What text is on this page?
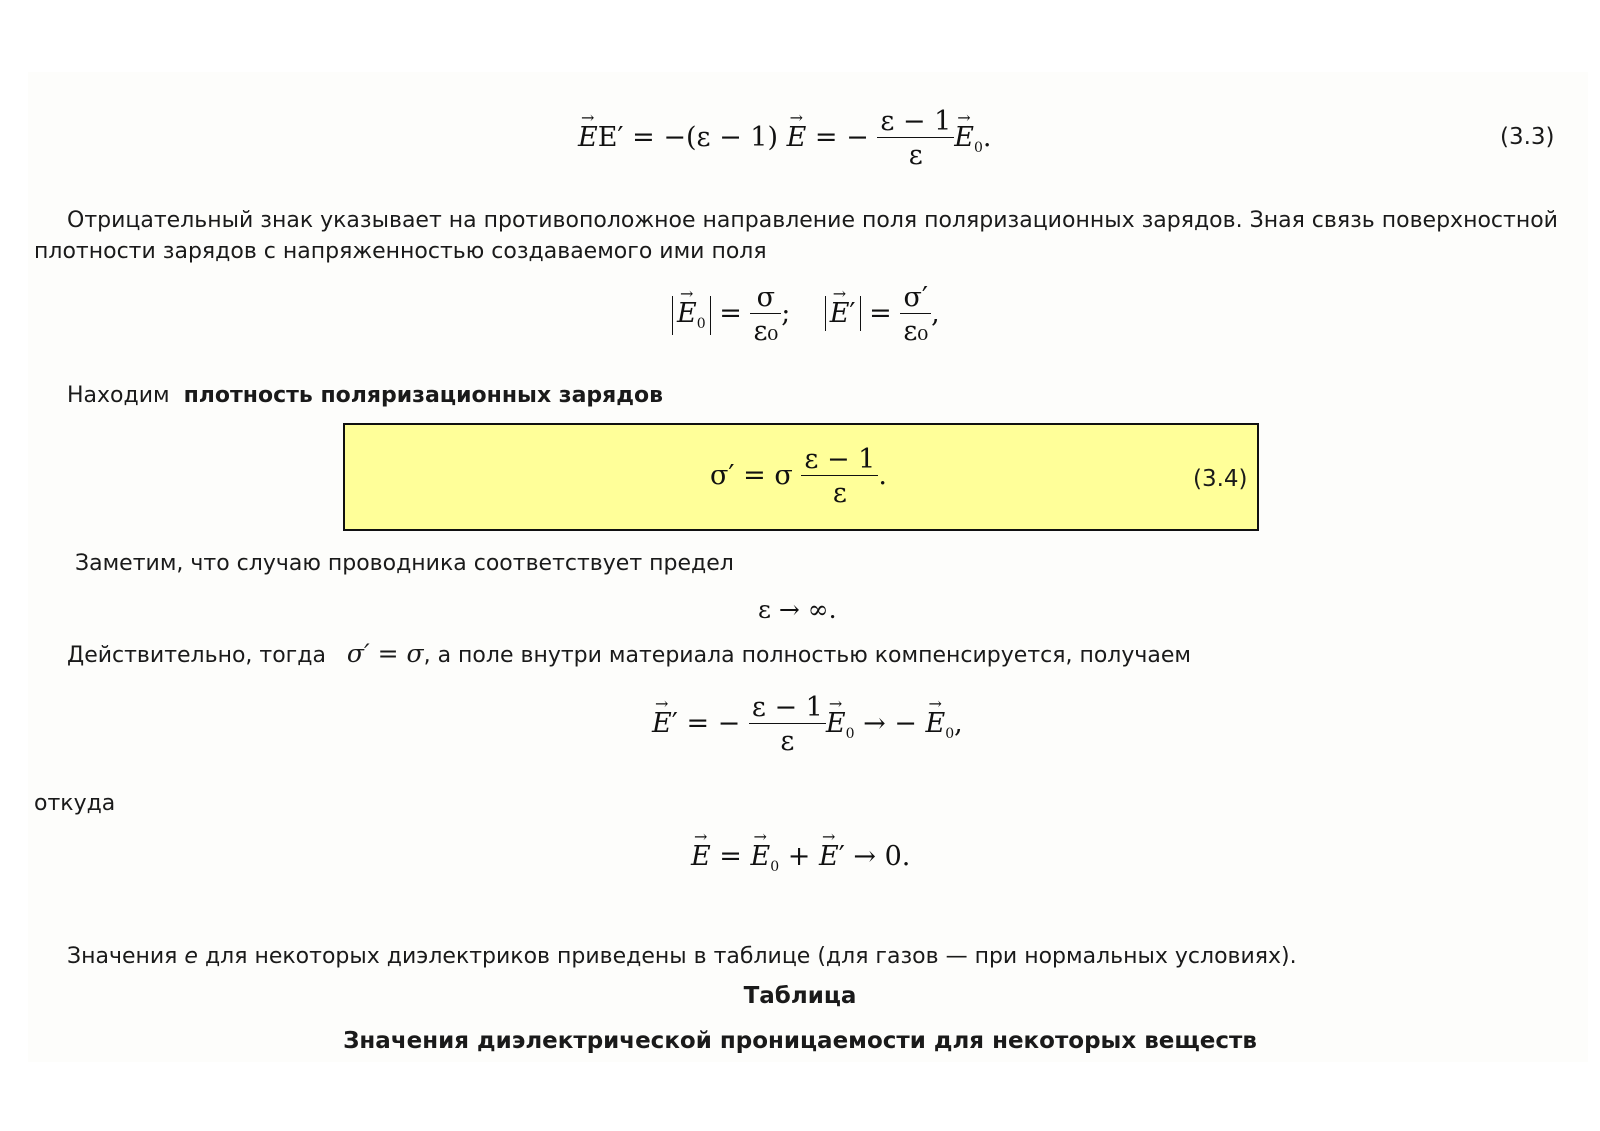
→ EE′ = −(ε − 1) → E = − $\frac{\varepsilon - 1}{\varepsilon}$
→ $E_0$.	(3.3)
Отрицательный знак указывает на противоположное направление поля поляризационных зарядов. Зная связь поверхностной
плотности зарядов с напряженностью создаваемого ими поля
→ $E_0 = \frac{\sigma}{\text{ε₀}}$ ;    → $E' = \frac{\sigma'}{\text{ε₀}}$ ,
Находим плотность поляризационных зарядов
σ′ = σ $\frac{\varepsilon - 1}{\varepsilon}$ .	(3.4)
Заметим, что случаю проводника соответствует предел
ε → ∞.
Действительно, тогда σ′ = σ, а поле внутри материала полностью компенсируется, получаем
→ E′ = − $\frac{\varepsilon - 1}{\varepsilon}$
→ $E_0$ → − → $E_0$,
откуда
→ E = → $E_0$ + → E′ → 0.
Значения е для некоторых диэлектриков приведены в таблице (для газов — при нормальных условиях).
Таблица
Значения диэлектрической проницаемости для некоторых веществ
